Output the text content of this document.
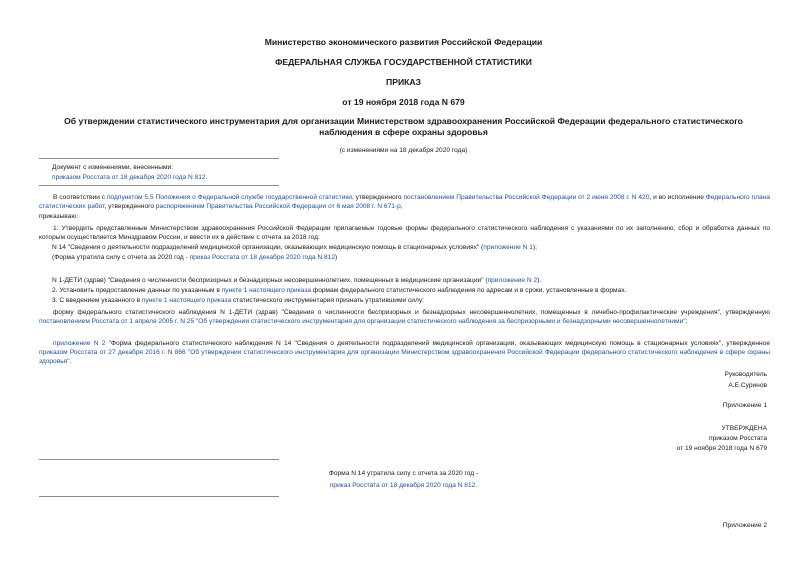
Министерство экономического развития Российской Федерации
ФЕДЕРАЛЬНАЯ СЛУЖБА ГОСУДАРСТВЕННОЙ СТАТИСТИКИ
ПРИКАЗ
от 19 ноября 2018 года N 679
Об утверждении статистического инструментария для организации Министерством здравоохранения Российской Федерации федерального статистического
наблюдения в сфере охраны здоровья
(с изменениями на 18 декабря 2020 года)
Документ с изменениями, внесенными:
приказом Росстата от 18 декабря 2020 года N 812.
В соответствии с подпунктом 5.5 Положения о Федеральной службе государственной статистики, утвержденного постановлением Правительства Российской Федерации от 2 июня 2008 г. N 420, и во исполнение Федерального плана статистических работ, утвержденного распоряжением Правительства Российской Федерации от 6 мая 2008 г. N 671-р,
приказываю:
1. Утвердить представленные Министерством здравоохранения Российской Федерации прилагаемые годовые формы федерального статистического наблюдения с указаниями по их заполнению, сбор и обработка данных по которым осуществляется Минздравом России, и ввести их в действие с отчета за 2018 год:
N 14 "Сведения о деятельности подразделений медицинской организации, оказывающих медицинскую помощь в стационарных условиях" (приложение N 1);
(Форма утратила силу с отчета за 2020 год - приказ Росстата от 18 декабря 2020 года N 812)
N 1-ДЕТИ (здрав) "Сведения о численности беспризорных и безнадзорных несовершеннолетних, помещенных в медицинские организации" (приложение N 2).
2. Установить предоставление данных по указанным в пункте 1 настоящего приказа формам федерального статистического наблюдения по адресам и в сроки, установленные в формах.
3. С введением указанного в пункте 1 настоящего приказа статистического инструментария признать утратившими силу:
форму федерального статистического наблюдения N 1-ДЕТИ (здрав) "Сведения о численности беспризорных и безнадзорных несовершеннолетних, помещенных в лечебно-профилактические учреждения", утвержденную постановлением Росстата от 1 апреля 2005 г. N 25 "Об утверждении статистического инструментария для организации статистического наблюдения за беспризорными и безнадзорными несовершеннолетними";
приложение N 2 "Форма федерального статистического наблюдения N 14 "Сведения о деятельности подразделений медицинской организации, оказывающих медицинскую помощь в стационарных условиях", утвержденное приказом Росстата от 27 декабря 2016 г. N 866 "Об утверждении статистического инструментария для организации Министерством здравоохранения Российской Федерации федерального статистического наблюдения в сфере охраны здоровья".
Руководитель
А.Е.Суринов
Приложение 1
УТВЕРЖДЕНА
приказом Росстата
от 19 ноября 2018 года N 679
Форма N 14 утратила силу с отчета за 2020 год -
приказ Росстата от 18 декабря 2020 года N 812.
Приложение 2
